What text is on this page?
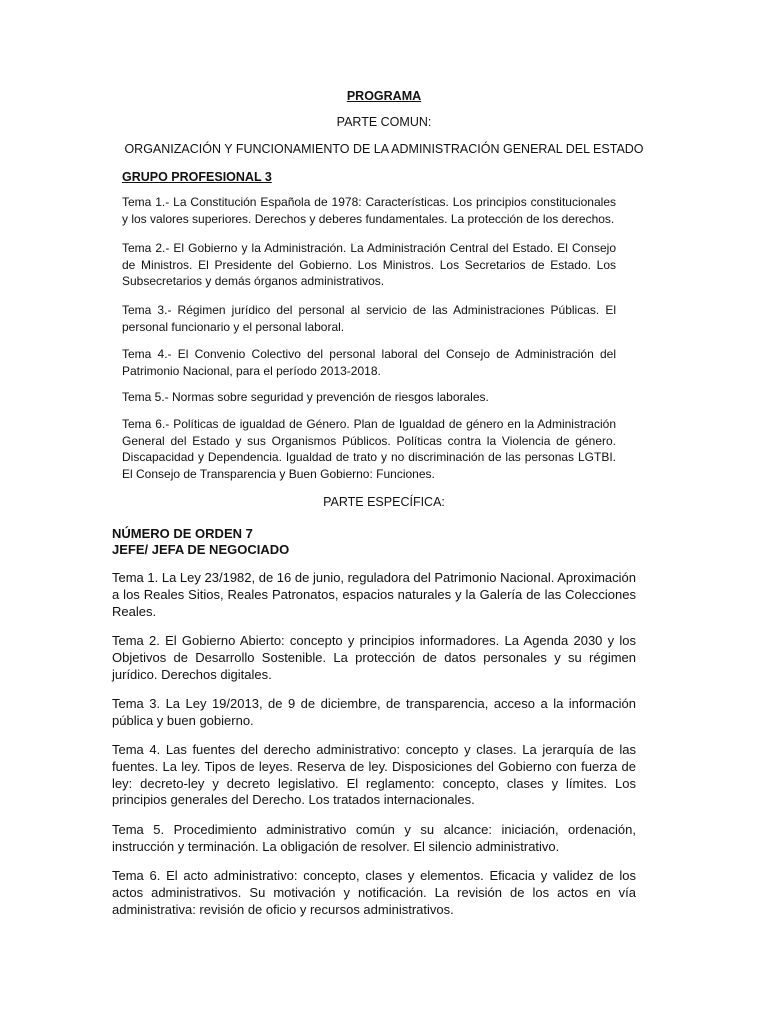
PROGRAMA
PARTE COMUN:
ORGANIZACIÓN Y FUNCIONAMIENTO DE LA ADMINISTRACIÓN GENERAL DEL ESTADO
GRUPO PROFESIONAL 3
Tema 1.- La Constitución Española de 1978: Características. Los principios constitucionales y los valores superiores. Derechos y deberes fundamentales. La protección de los derechos.
Tema 2.- El Gobierno y la Administración. La Administración Central del Estado. El Consejo de Ministros. El Presidente del Gobierno. Los Ministros. Los Secretarios de Estado. Los Subsecretarios y demás órganos administrativos.
Tema 3.- Régimen jurídico del personal al servicio de las Administraciones Públicas. El personal funcionario y el personal laboral.
Tema 4.- El Convenio Colectivo del personal laboral del Consejo de Administración del Patrimonio Nacional, para el período 2013-2018.
Tema 5.- Normas sobre seguridad y prevención de riesgos laborales.
Tema 6.- Políticas de igualdad de Género. Plan de Igualdad de género en la Administración General del Estado y sus Organismos Públicos. Políticas contra la Violencia de género. Discapacidad y Dependencia. Igualdad de trato y no discriminación de las personas LGTBI. El Consejo de Transparencia y Buen Gobierno: Funciones.
PARTE ESPECÍFICA:
NÚMERO DE ORDEN 7
JEFE/ JEFA DE NEGOCIADO
Tema 1. La Ley 23/1982, de 16 de junio, reguladora del Patrimonio Nacional. Aproximación a los Reales Sitios, Reales Patronatos, espacios naturales y la Galería de las Colecciones Reales.
Tema 2. El Gobierno Abierto: concepto y principios informadores. La Agenda 2030 y los Objetivos de Desarrollo Sostenible. La protección de datos personales y su régimen jurídico. Derechos digitales.
Tema 3. La Ley 19/2013, de 9 de diciembre, de transparencia, acceso a la información pública y buen gobierno.
Tema 4. Las fuentes del derecho administrativo: concepto y clases. La jerarquía de las fuentes. La ley. Tipos de leyes. Reserva de ley. Disposiciones del Gobierno con fuerza de ley: decreto-ley y decreto legislativo. El reglamento: concepto, clases y límites. Los principios generales del Derecho. Los tratados internacionales.
Tema 5. Procedimiento administrativo común y su alcance: iniciación, ordenación, instrucción y terminación. La obligación de resolver. El silencio administrativo.
Tema 6. El acto administrativo: concepto, clases y elementos. Eficacia y validez de los actos administrativos. Su motivación y notificación. La revisión de los actos en vía administrativa: revisión de oficio y recursos administrativos.
